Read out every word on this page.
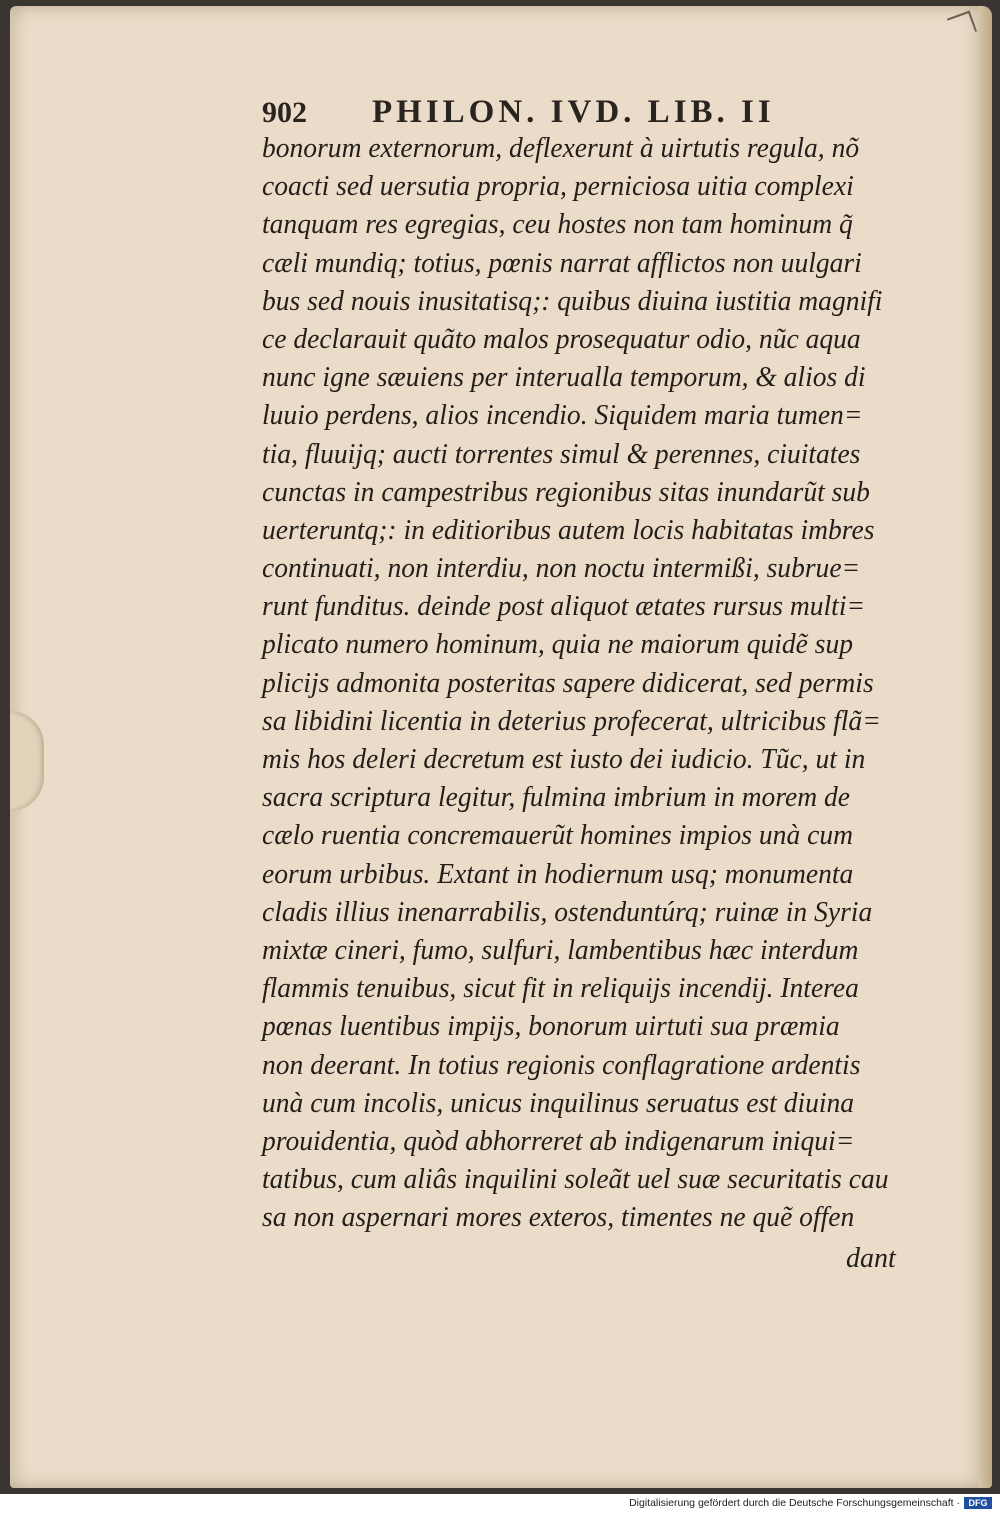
902	PHILON. IVD. LIB. II
bonorum externorum, deflexerunt à uirtutis regula, nõ
coacti sed uersutia propria, perniciosa uitia complexi
tanquam res egregias, ceu hostes non tam hominum q̃
cæli mundiq; totius, pœnis narrat afflictos non uulgari
bus sed nouis inusitatisq;: quibus diuina iustitia magnifi
ce declarauit quãto malos prosequatur odio, nũc aqua
nunc igne sæuiens per interualla temporum, & alios di
luuio perdens, alios incendio. Siquidem maria tumen=
tia, fluuijq; aucti torrentes simul & perennes, ciuitates
cunctas in campestribus regionibus sitas inundarũt sub
uerteruntq;: in editioribus autem locis habitatas imbres
continuati, non interdiu, non noctu intermißi, subrue=
runt funditus. deinde post aliquot ætates rursus multi=
plicato numero hominum, quia ne maiorum quidẽ sup
plicijs admonita posteritas sapere didicerat, sed permis
sa libidini licentia in deterius profecerat, ultricibus flã=
mis hos deleri decretum est iusto dei iudicio. Tũc, ut in
sacra scriptura legitur, fulmina imbrium in morem de
cælo ruentia concremauerũt homines impios unà cum
eorum urbibus. Extant in hodiernum usq; monumenta
cladis illius inenarrabilis, ostenduntúrq; ruinæ in Syria
mixtæ cineri, fumo, sulfuri, lambentibus hæc interdum
flammis tenuibus, sicut fit in reliquijs incendij. Interea
pœnas luentibus impijs, bonorum uirtuti sua præmia
non deerant. In totius regionis conflagratione ardentis
unà cum incolis, unicus inquilinus seruatus est diuina
prouidentia, quòd abhorreret ab indigenarum iniqui=
tatibus, cum aliâs inquilini soleãt uel suæ securitatis cau
sa non aspernari mores exteros, timentes ne quẽ offen
dant
Digitalisierung gefördert durch die Deutsche Forschungsgemeinschaft · DFG
